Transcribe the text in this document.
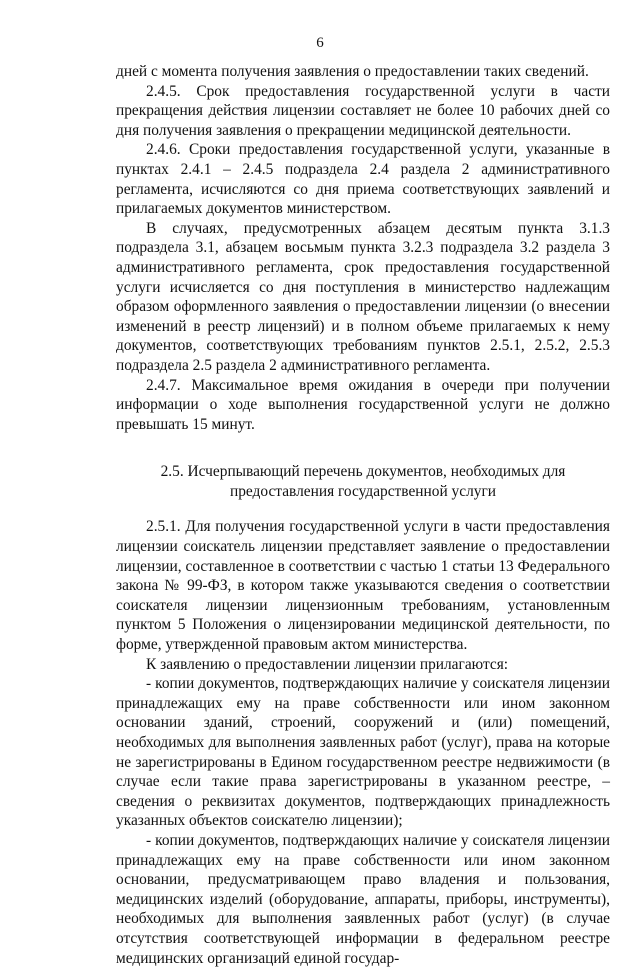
6

дней с момента получения заявления о предоставлении таких сведений.

2.4.5. Срок предоставления государственной услуги в части прекращения действия лицензии составляет не более 10 рабочих дней со дня получения заявления о прекращении медицинской деятельности.

2.4.6. Сроки предоставления государственной услуги, указанные в пунктах 2.4.1 – 2.4.5 подраздела 2.4 раздела 2 административного регламента, исчисляются со дня приема соответствующих заявлений и прилагаемых документов министерством.

В случаях, предусмотренных абзацем десятым пункта 3.1.3 подраздела 3.1, абзацем восьмым пункта 3.2.3 подраздела 3.2 раздела 3 административного регламента, срок предоставления государственной услуги исчисляется со дня поступления в министерство надлежащим образом оформленного заявления о предоставлении лицензии (о внесении изменений в реестр лицензий) и в полном объеме прилагаемых к нему документов, соответствующих требованиям пунктов 2.5.1, 2.5.2, 2.5.3 подраздела 2.5 раздела 2 административного регламента.

2.4.7. Максимальное время ожидания в очереди при получении информации о ходе выполнения государственной услуги не должно превышать 15 минут.

2.5. Исчерпывающий перечень документов, необходимых для предоставления государственной услуги

2.5.1. Для получения государственной услуги в части предоставления лицензии соискатель лицензии представляет заявление о предоставлении лицензии, составленное в соответствии с частью 1 статьи 13 Федерального закона № 99-ФЗ, в котором также указываются сведения о соответствии соискателя лицензии лицензионным требованиям, установленным пунктом 5 Положения о лицензировании медицинской деятельности, по форме, утвержденной правовым актом министерства.

К заявлению о предоставлении лицензии прилагаются:

- копии документов, подтверждающих наличие у соискателя лицензии принадлежащих ему на праве собственности или ином законном основании зданий, строений, сооружений и (или) помещений, необходимых для выполнения заявленных работ (услуг), права на которые не зарегистрированы в Едином государственном реестре недвижимости (в случае если такие права зарегистрированы в указанном реестре, – сведения о реквизитах документов, подтверждающих принадлежность указанных объектов соискателю лицензии);

- копии документов, подтверждающих наличие у соискателя лицензии принадлежащих ему на праве собственности или ином законном основании, предусматривающем право владения и пользования, медицинских изделий (оборудование, аппараты, приборы, инструменты), необходимых для выполнения заявленных работ (услуг) (в случае отсутствия соответствующей информации в федеральном реестре медицинских организаций единой государ-
